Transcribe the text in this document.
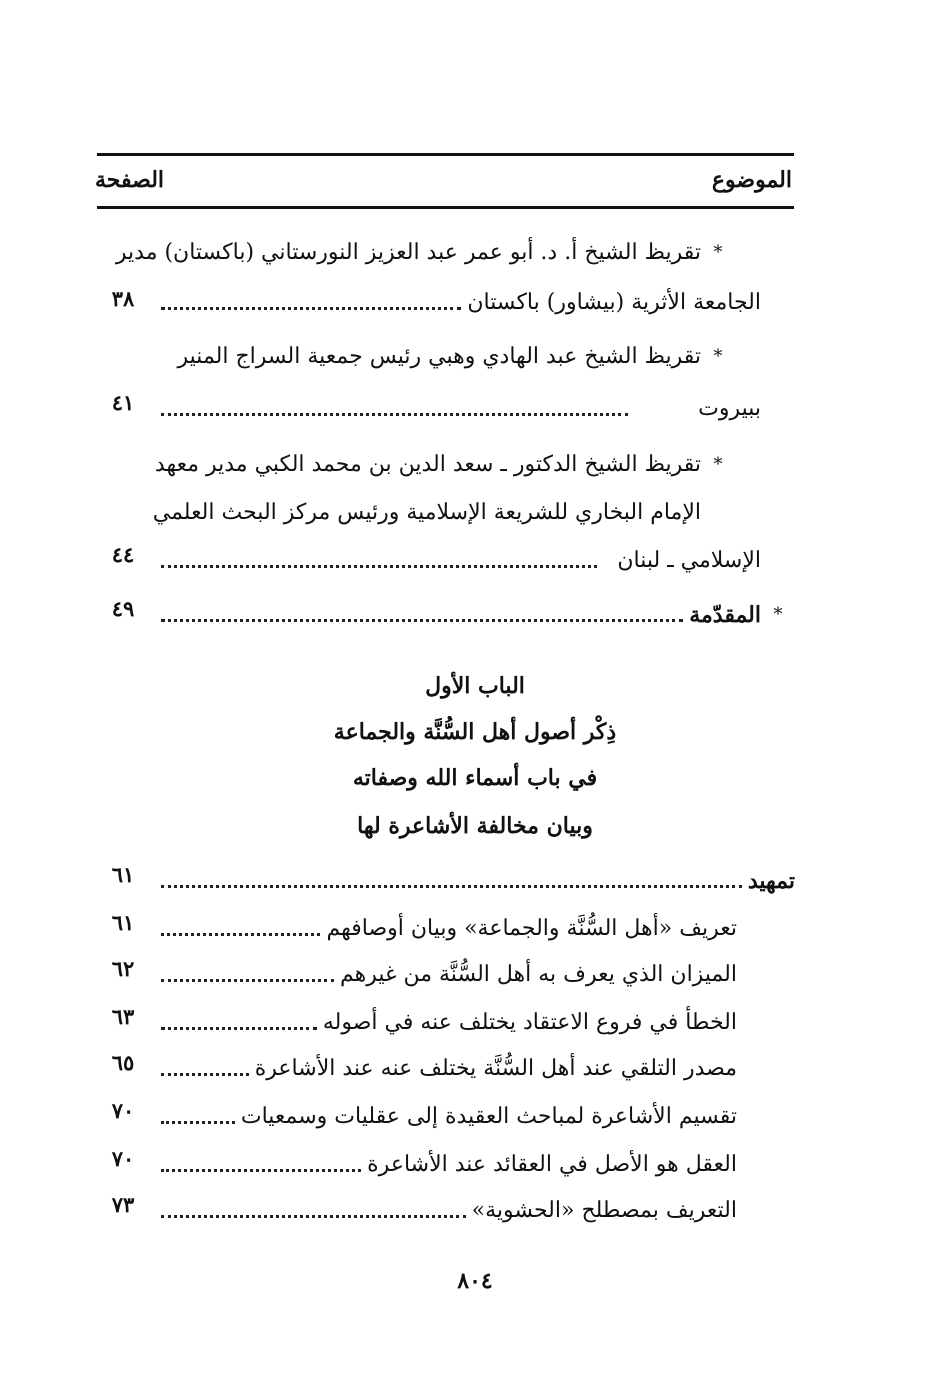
الموضوع
الصفحة
*
تقريظ الشيخ أ. د. أبو عمر عبد العزيز النورستاني (باكستان) مدير
الجامعة الأثرية (بيشاور) باكستان
٣٨
*
تقريظ الشيخ عبد الهادي وهبي رئيس جمعية السراج المنير
ببيروت
٤١
*
تقريظ الشيخ الدكتور ـ سعد الدين بن محمد الكبي مدير معهد
الإمام البخاري للشريعة الإسلامية ورئيس مركز البحث العلمي
الإسلامي ـ لبنان
٤٤
*
المقدّمة
٤٩
الباب الأول
ذِكْر أصول أهل السُّنَّة والجماعة
في باب أسماء الله وصفاته
وبيان مخالفة الأشاعرة لها
تمهيد
٦١
تعريف «أهل السُّنَّة والجماعة» وبيان أوصافهم
٦١
الميزان الذي يعرف به أهل السُّنَّة من غيرهم
٦٢
الخطأ في فروع الاعتقاد يختلف عنه في أصوله
٦٣
مصدر التلقي عند أهل السُّنَّة يختلف عنه عند الأشاعرة
٦٥
تقسيم الأشاعرة لمباحث العقيدة إلى عقليات وسمعيات
٧٠
العقل هو الأصل في العقائد عند الأشاعرة
٧٠
التعريف بمصطلح «الحشوية»
٧٣
٨٠٤
